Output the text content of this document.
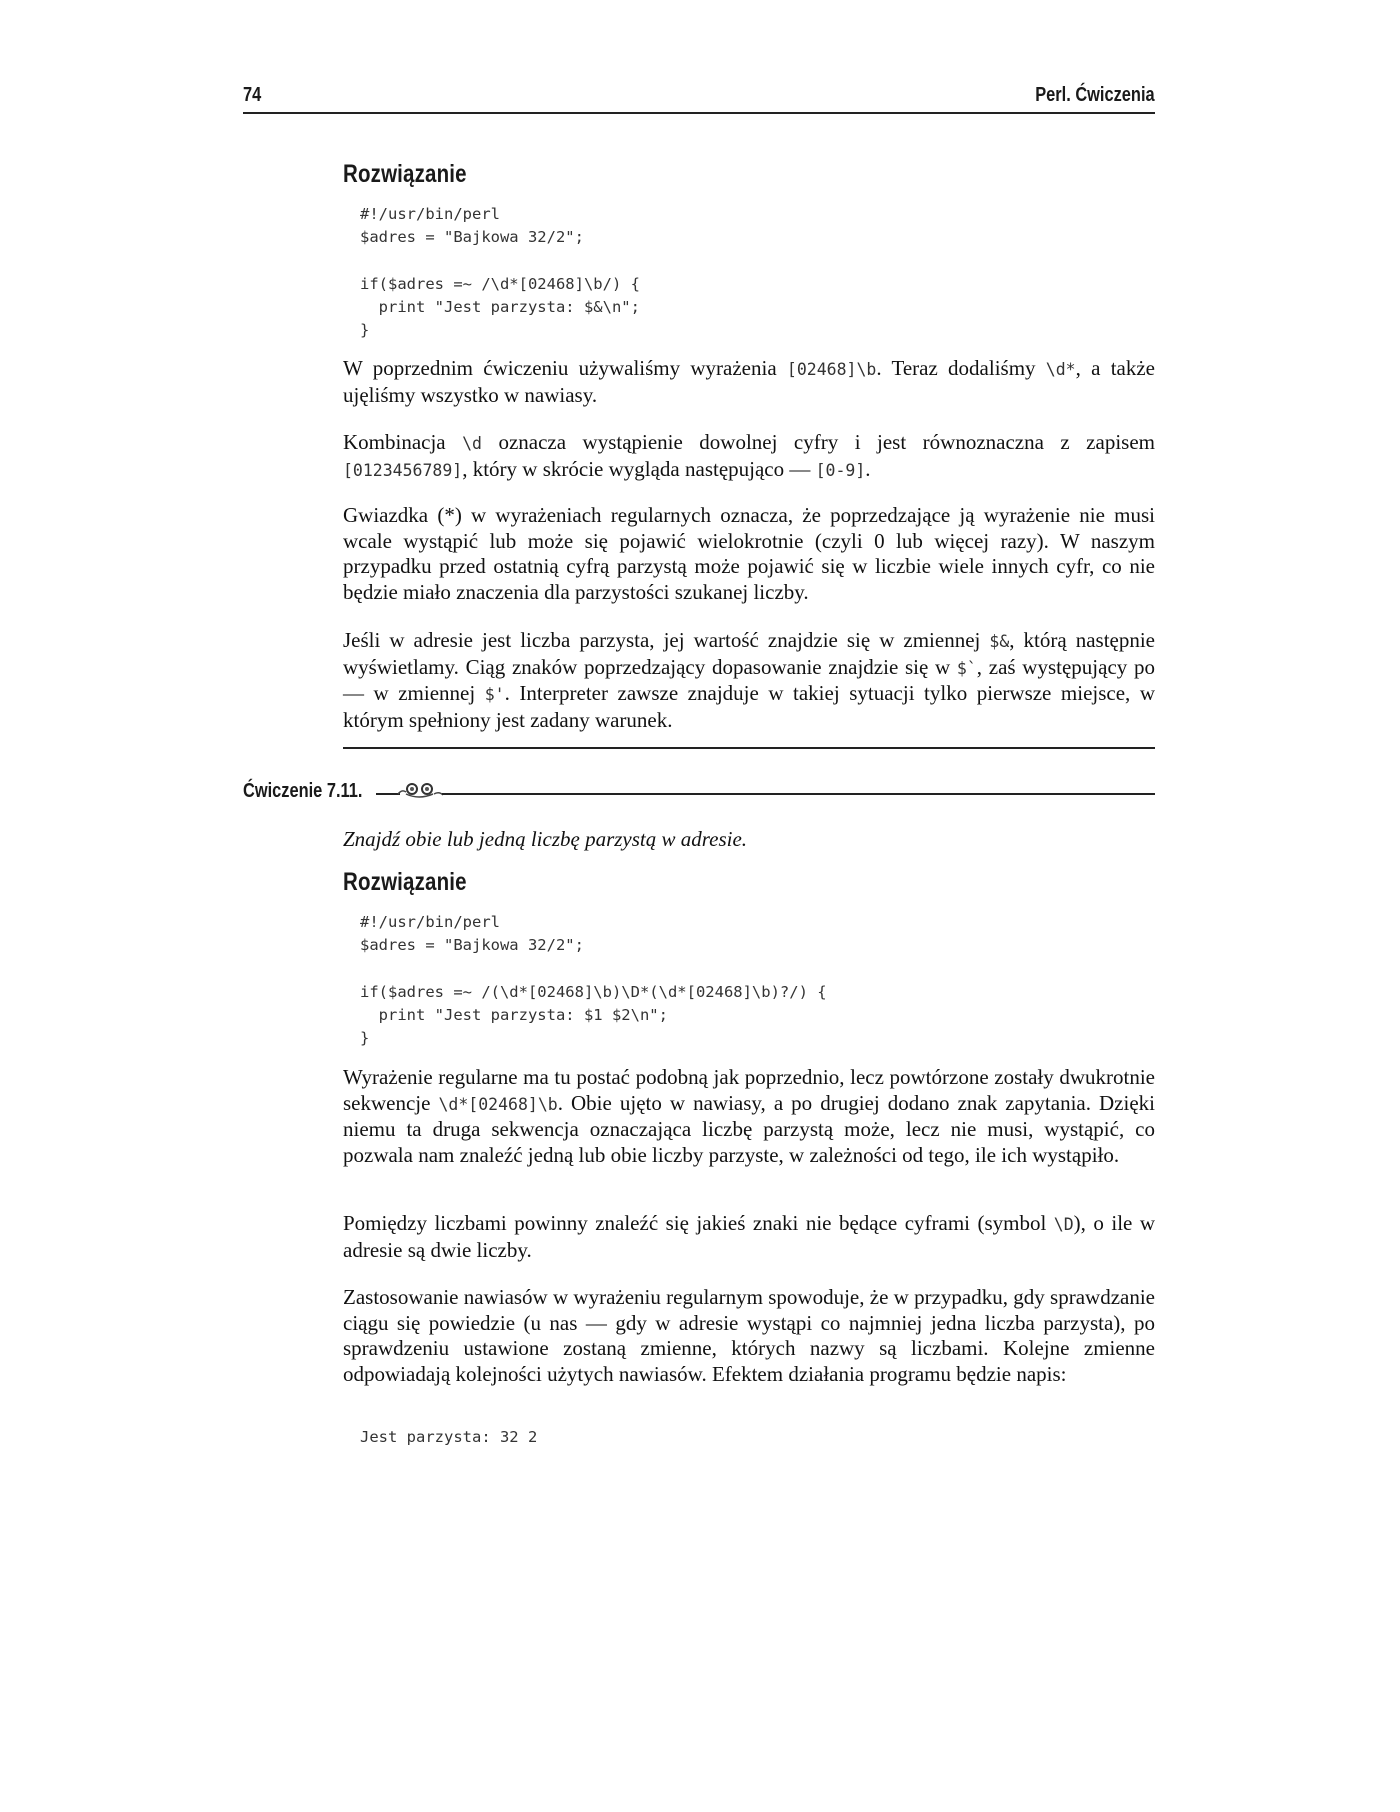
74	Perl. Ćwiczenia
Rozwiązanie
#!/usr/bin/perl
$adres = "Bajkowa 32/2";

if($adres =~ /\d*[02468]\b/) {
print "Jest parzysta: $&\n";
}

W poprzednim ćwiczeniu używaliśmy wyrażenia [02468]\b. Teraz dodaliśmy \d*, a także ujęliśmy wszystko w nawiasy.

Kombinacja \d oznacza wystąpienie dowolnej cyfry i jest równoznaczna z zapisem [0123456789], który w skrócie wygląda następująco — [0-9].

Gwiazdka (*) w wyrażeniach regularnych oznacza, że poprzedzające ją wyrażenie nie musi wcale wystąpić lub może się pojawić wielokrotnie (czyli 0 lub więcej razy). W naszym przypadku przed ostatnią cyfrą parzystą może pojawić się w liczbie wiele innych cyfr, co nie będzie miało znaczenia dla parzystości szukanej liczby.

Jeśli w adresie jest liczba parzysta, jej wartość znajdzie się w zmiennej $&, którą następnie wyświetlamy. Ciąg znaków poprzedzający dopasowanie znajdzie się w $`, zaś występujący po — w zmiennej $'. Interpreter zawsze znajduje w takiej sytuacji tylko pierwsze miejsce, w którym spełniony jest zadany warunek.

Ćwiczenie 7.11.

Znajdź obie lub jedną liczbę parzystą w adresie.

Rozwiązanie
#!/usr/bin/perl
$adres = "Bajkowa 32/2";

if($adres =~ /(\d*[02468]\b)\D*(\d*[02468]\b)?/) {
print "Jest parzysta: $1 $2\n";
}

Wyrażenie regularne ma tu postać podobną jak poprzednio, lecz powtórzone zostały dwukrotnie sekwencje \d*[02468]\b. Obie ujęto w nawiasy, a po drugiej dodano znak zapytania. Dzięki niemu ta druga sekwencja oznaczająca liczbę parzystą może, lecz nie musi, wystąpić, co pozwala nam znaleźć jedną lub obie liczby parzyste, w zależności od tego, ile ich wystąpiło.

Pomiędzy liczbami powinny znaleźć się jakieś znaki nie będące cyframi (symbol \D), o ile w adresie są dwie liczby.

Zastosowanie nawiasów w wyrażeniu regularnym spowoduje, że w przypadku, gdy sprawdzanie ciągu się powiedzie (u nas — gdy w adresie wystąpi co najmniej jedna liczba parzysta), po sprawdzeniu ustawione zostaną zmienne, których nazwy są liczbami. Kolejne zmienne odpowiadają kolejności użytych nawiasów. Efektem działania programu będzie napis:

Jest parzysta: 32 2
